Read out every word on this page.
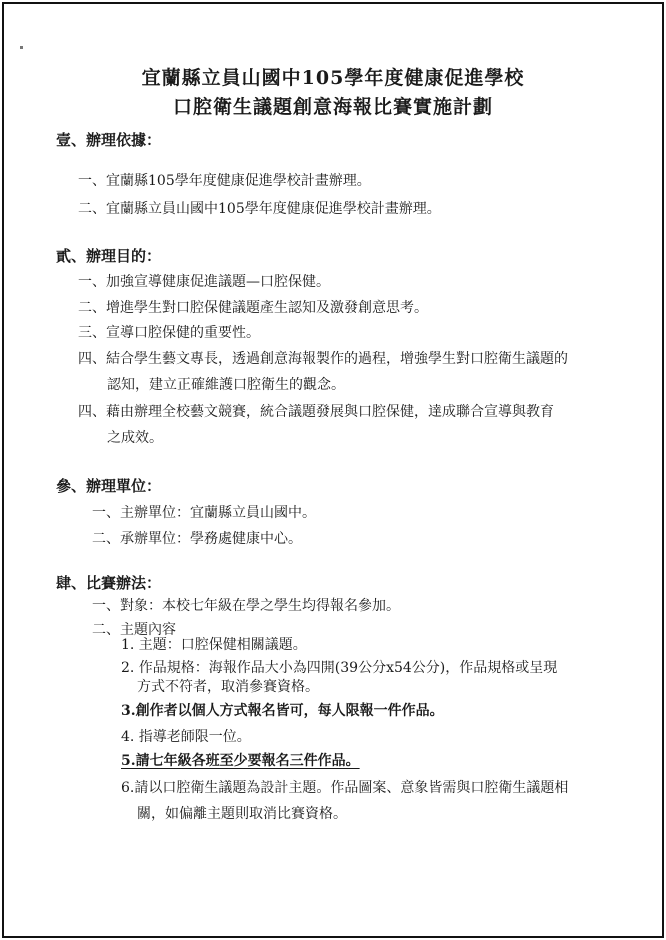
宜蘭縣立員山國中105學年度健康促進學校
口腔衛生議題創意海報比賽實施計劃
壹、辦理依據：
一、宜蘭縣105學年度健康促進學校計畫辦理。
二、宜蘭縣立員山國中105學年度健康促進學校計畫辦理。
貳、辦理目的：
一、加強宣導健康促進議題—口腔保健。
二、增進學生對口腔保健議題產生認知及激發創意思考。
三、宣導口腔保健的重要性。
四、結合學生藝文專長，透過創意海報製作的過程，增強學生對口腔衛生議題的
認知，建立正確維護口腔衛生的觀念。
四、藉由辦理全校藝文競賽，統合議題發展與口腔保健，達成聯合宣導與教育
之成效。
參、辦理單位：
一、主辦單位：宜蘭縣立員山國中。
二、承辦單位：學務處健康中心。
肆、比賽辦法：
一、對象：本校七年級在學之學生均得報名參加。
二、主題內容
1. 主題：口腔保健相關議題。
2. 作品規格：海報作品大小為四開(39公分x54公分)，作品規格或呈現
方式不符者，取消參賽資格。
3.創作者以個人方式報名皆可，每人限報一件作品。
4. 指導老師限一位。
5.請七年級各班至少要報名三件作品。
6.請以口腔衛生議題為設計主題。作品圖案、意象皆需與口腔衛生議題相
關，如偏離主題則取消比賽資格。
